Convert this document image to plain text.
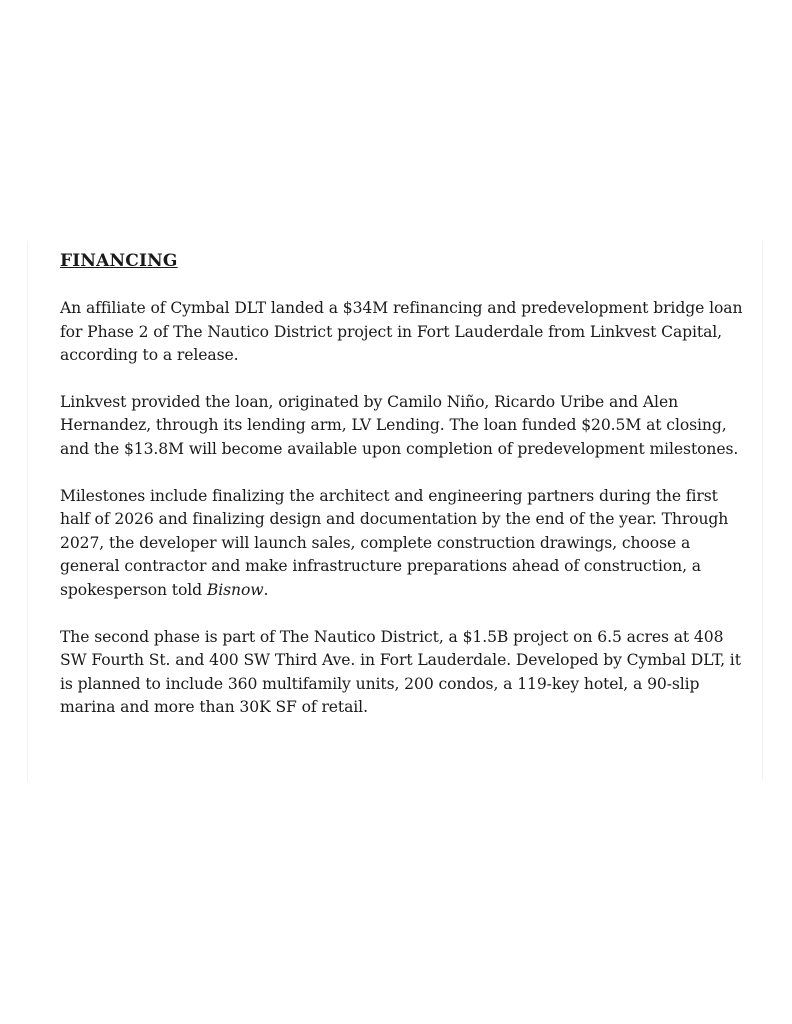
FINANCING

An affiliate of Cymbal DLT landed a $34M refinancing and predevelopment bridge loan for Phase 2 of The Nautico District project in Fort Lauderdale from Linkvest Capital, according to a release.

Linkvest provided the loan, originated by Camilo Niño, Ricardo Uribe and Alen Hernandez, through its lending arm, LV Lending. The loan funded $20.5M at closing, and the $13.8M will become available upon completion of predevelopment milestones.

Milestones include finalizing the architect and engineering partners during the first half of 2026 and finalizing design and documentation by the end of the year. Through 2027, the developer will launch sales, complete construction drawings, choose a general contractor and make infrastructure preparations ahead of construction, a spokesperson told Bisnow.

The second phase is part of The Nautico District, a $1.5B project on 6.5 acres at 408 SW Fourth St. and 400 SW Third Ave. in Fort Lauderdale. Developed by Cymbal DLT, it is planned to include 360 multifamily units, 200 condos, a 119-key hotel, a 90-slip marina and more than 30K SF of retail.
